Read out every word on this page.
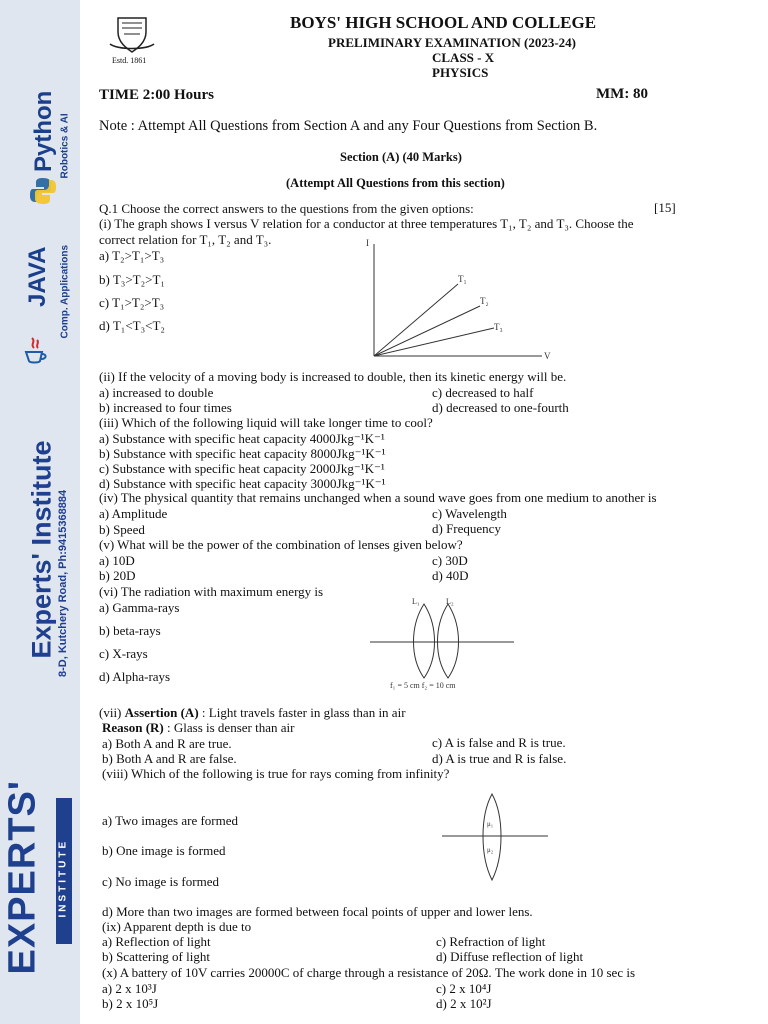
Python Robotics & AI
JAVA Comp. Applications
Experts' Institute 8-D, Kutchery Road, Ph:9415368884
EXPERTS' INSTITUTE
Estd. 1861
BOYS' HIGH SCHOOL AND COLLEGE
PRELIMINARY EXAMINATION (2023-24)
CLASS - X
PHYSICS
TIME 2:00 Hours	MM: 80
Note : Attempt All Questions from Section A and any Four Questions from Section B.
Section (A) (40 Marks)
(Attempt All Questions from this section)
Q.1 Choose the correct answers to the questions from the given options:	[15]
(i) The graph shows I versus V relation for a conductor at three temperatures T₁, T₂ and T₃. Choose the
correct relation for T₁, T₂ and T₃.
a) T₂>T₁>T₃
b) T₃>T₂>T₁
c) T₁>T₂>T₃
d) T₁<T₃<T₂
I
V
T₁
T₂
T₃
(ii) If the velocity of a moving body is increased to double, then its kinetic energy will be.
a) increased to double	c) decreased to half
b) increased to four times	d) decreased to one-fourth
(iii) Which of the following liquid will take longer time to cool?
a) Substance with specific heat capacity 4000Jkg⁻¹K⁻¹
b) Substance with specific heat capacity 8000Jkg⁻¹K⁻¹
c) Substance with specific heat capacity 2000Jkg⁻¹K⁻¹
d) Substance with specific heat capacity 3000Jkg⁻¹K⁻¹
(iv) The physical quantity that remains unchanged when a sound wave goes from one medium to another is
a) Amplitude	c) Wavelength
b) Speed	d) Frequency
(v) What will be the power of the combination of lenses given below?
a) 10D	c) 30D
b) 20D	d) 40D
(vi) The radiation with maximum energy is
a) Gamma-rays
b) beta-rays
c) X-rays
d) Alpha-rays
L₁	L₂
f₁ = 5 cm f₂ = 10 cm
(vii) Assertion (A) : Light travels faster in glass than in air
Reason (R) : Glass is denser than air
a) Both A and R are true.	c) A is false and R is true.
b) Both A and R are false.	d) A is true and R is false.
(viii) Which of the following is true for rays coming from infinity?
a) Two images are formed
b) One image is formed
c) No image is formed
μ₁
μ₂
d) More than two images are formed between focal points of upper and lower lens.
(ix) Apparent depth is due to
a) Reflection of light	c) Refraction of light
b) Scattering of light	d) Diffuse reflection of light
(x) A battery of 10V carries 20000C of charge through a resistance of 20Ω. The work done in 10 sec is
a) 2 x 10³J	c) 2 x 10⁴J
b) 2 x 10⁵J	d) 2 x 10²J
